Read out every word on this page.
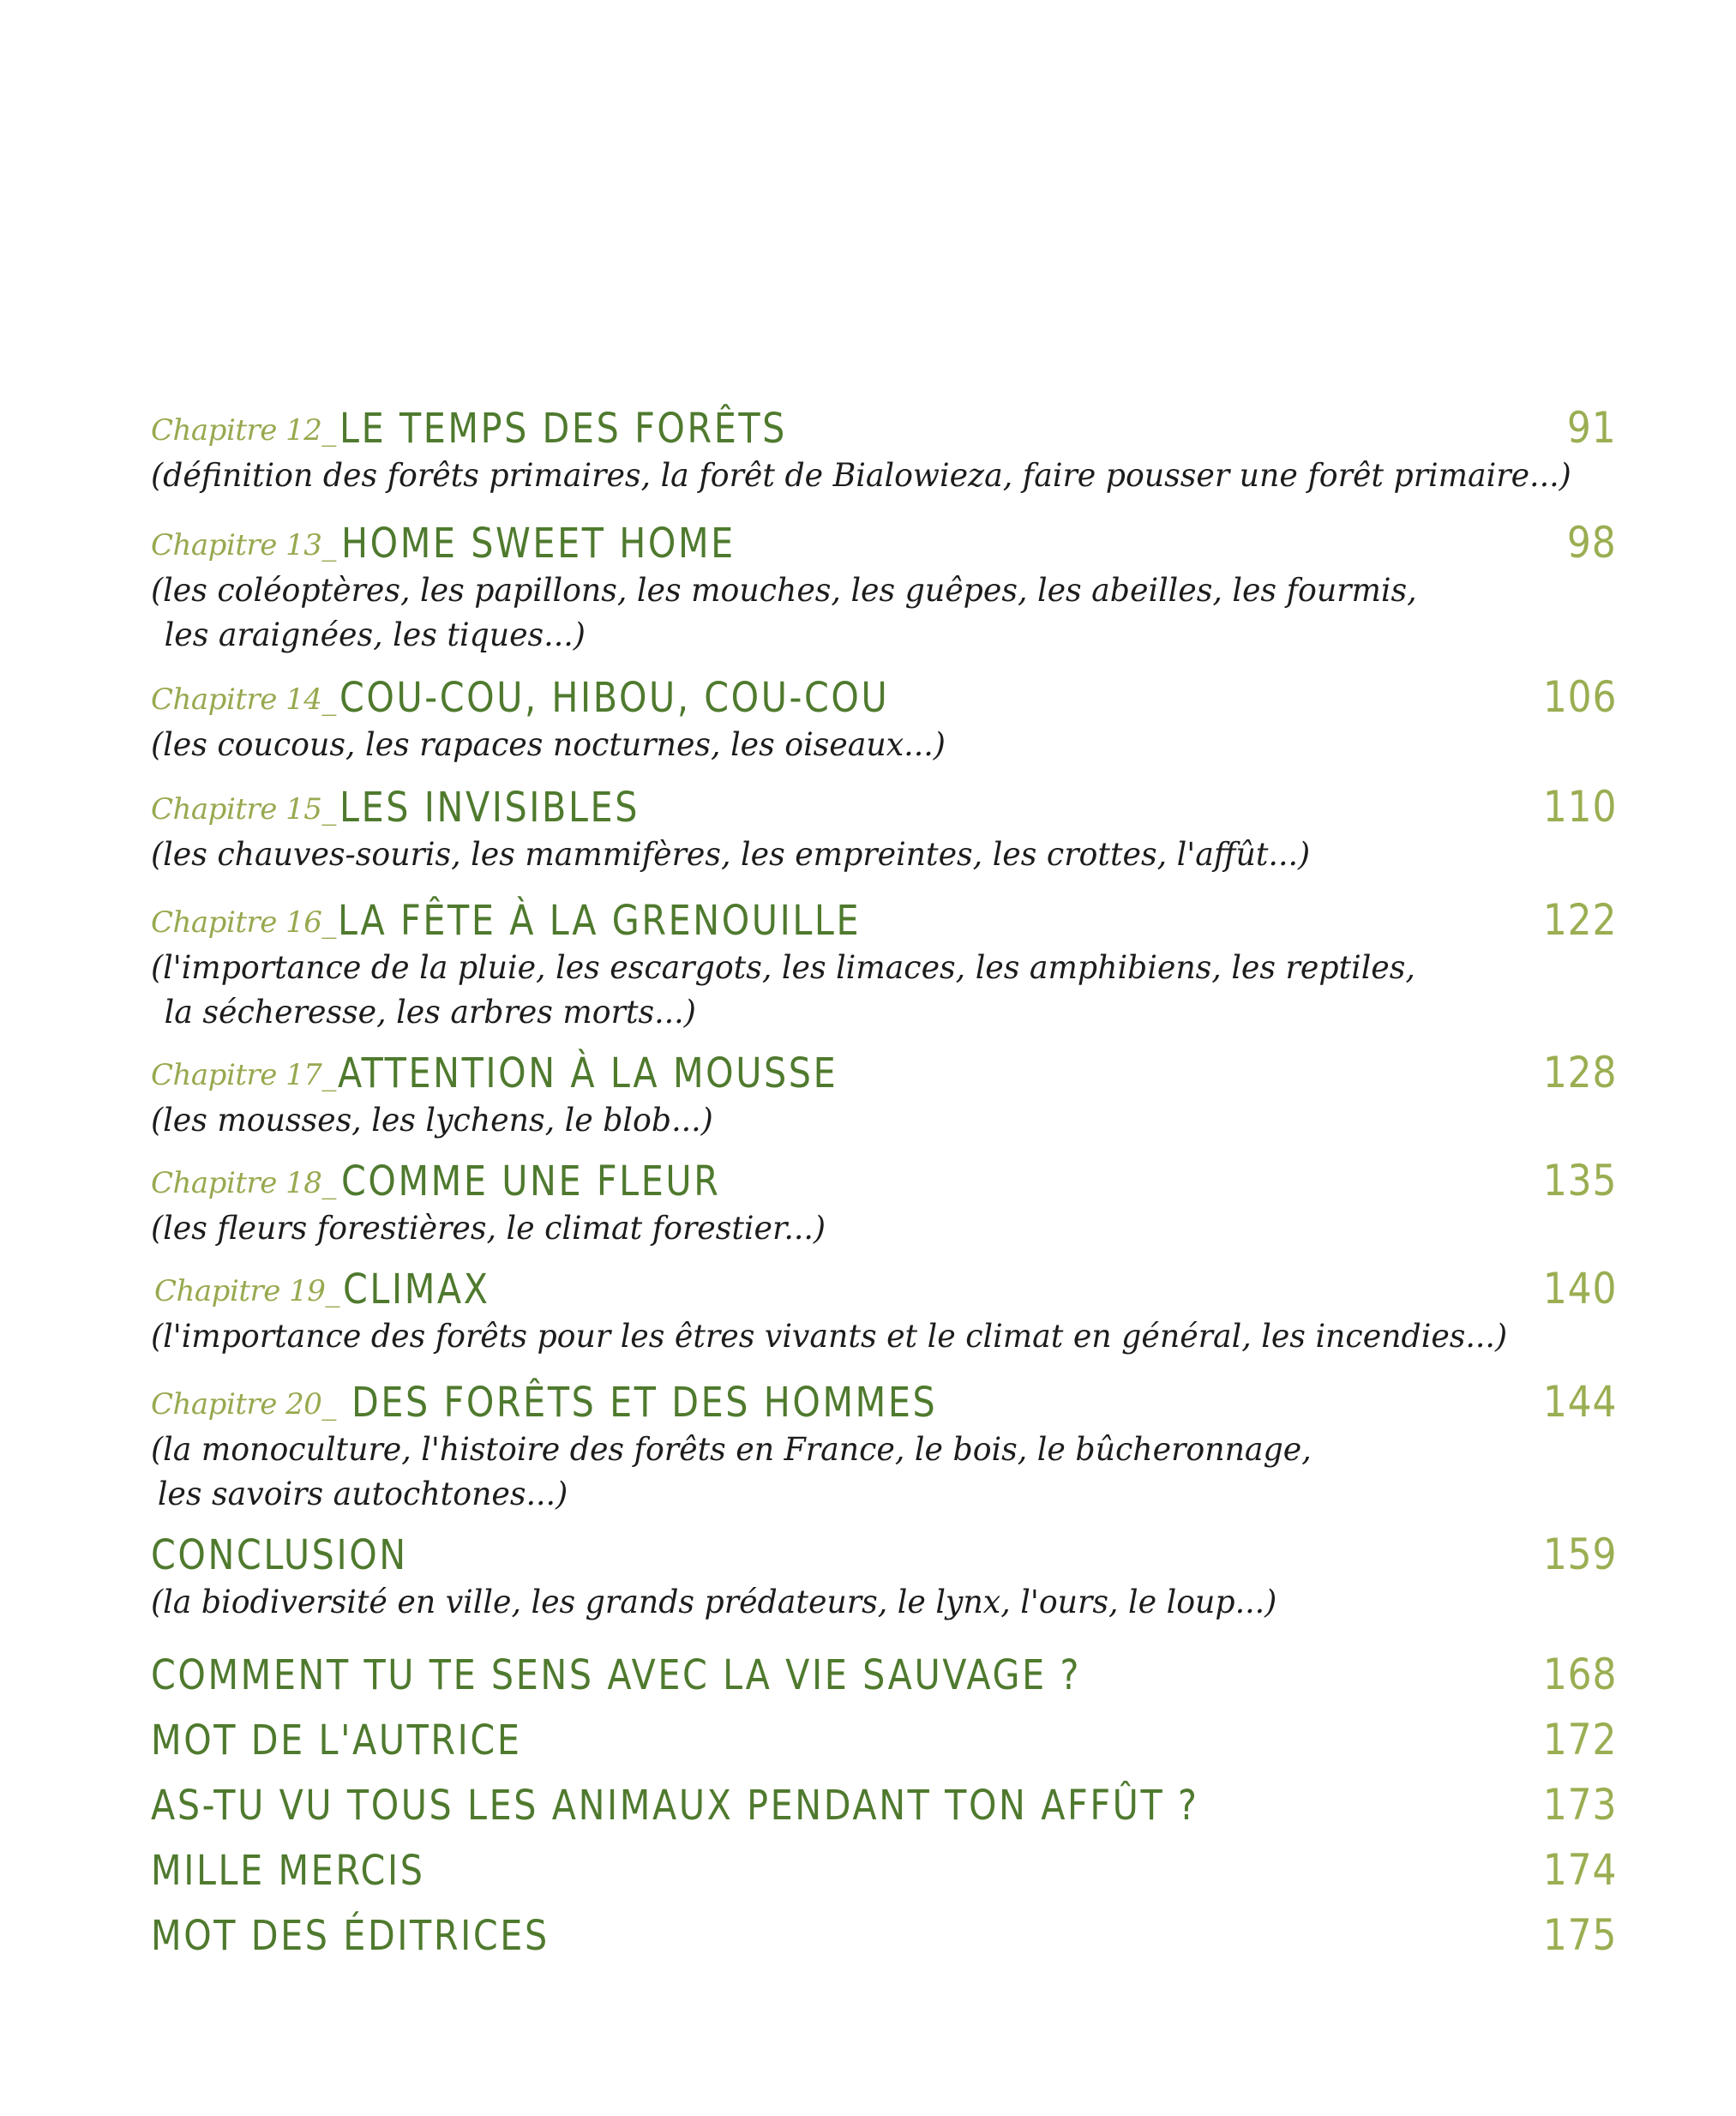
Chapitre 12_ LE TEMPS DES FORÊTS	91
(définition des forêts primaires, la forêt de Bialowieza, faire pousser une forêt primaire...)
Chapitre 13_ HOME SWEET HOME	98
(les coléoptères, les papillons, les mouches, les guêpes, les abeilles, les fourmis,
les araignées, les tiques...)
Chapitre 14_ COU-COU, HIBOU, COU-COU	106
(les coucous, les rapaces nocturnes, les oiseaux...)
Chapitre 15_ LES INVISIBLES	110
(les chauves-souris, les mammifères, les empreintes, les crottes, l'affût...)
Chapitre 16_ LA FÊTE À LA GRENOUILLE	122
(l'importance de la pluie, les escargots, les limaces, les amphibiens, les reptiles,
la sécheresse, les arbres morts...)
Chapitre 17_ ATTENTION À LA MOUSSE	128
(les mousses, les lychens, le blob...)
Chapitre 18_ COMME UNE FLEUR	135
(les fleurs forestières, le climat forestier...)
Chapitre 19_ CLIMAX	140
(l'importance des forêts pour les êtres vivants et le climat en général, les incendies...)
Chapitre 20_ DES FORÊTS ET DES HOMMES	144
(la monoculture, l'histoire des forêts en France, le bois, le bûcheronnage,
les savoirs autochtones...)
CONCLUSION	159
(la biodiversité en ville, les grands prédateurs, le lynx, l'ours, le loup...)
COMMENT TU TE SENS AVEC LA VIE SAUVAGE ?	168
MOT DE L'AUTRICE	172
AS-TU VU TOUS LES ANIMAUX PENDANT TON AFFÛT ?	173
MILLE MERCIS	174
MOT DES ÉDITRICES	175
